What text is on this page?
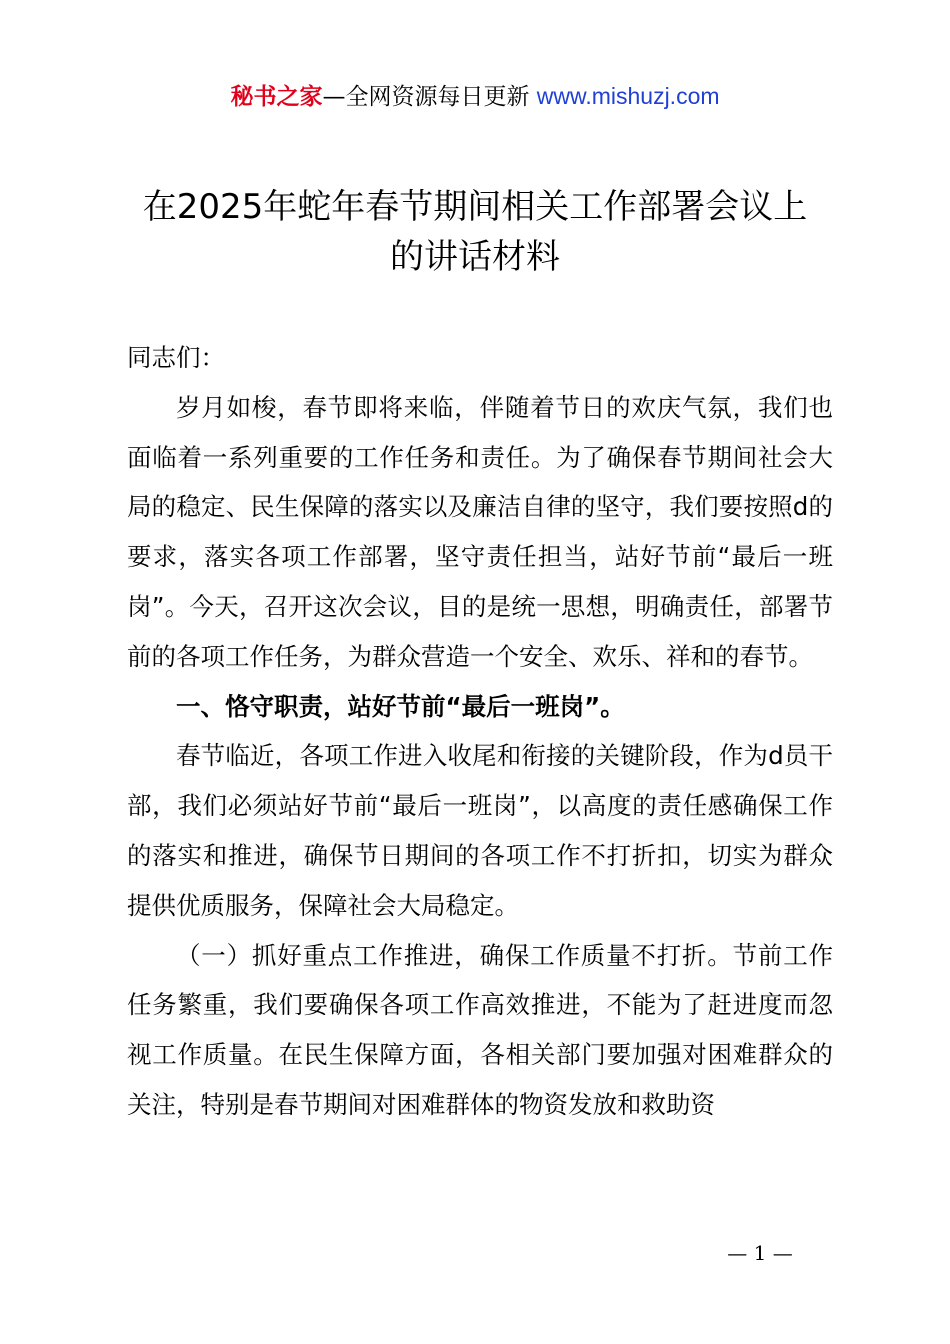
秘书之家—全网资源每日更新 www.mishuzj.com
在2025年蛇年春节期间相关工作部署会议上
的讲话材料

同志们：

岁月如梭，春节即将来临，伴随着节日的欢庆气氛，我们也面临着一系列重要的工作任务和责任。为了确保春节期间社会大局的稳定、民生保障的落实以及廉洁自律的坚守，我们要按照d的要求，落实各项工作部署，坚守责任担当，站好节前“最后一班岗”。今天，召开这次会议，目的是统一思想，明确责任，部署节前的各项工作任务，为群众营造一个安全、欢乐、祥和的春节。

一、恪守职责，站好节前“最后一班岗”。

春节临近，各项工作进入收尾和衔接的关键阶段，作为d员干部，我们必须站好节前“最后一班岗”，以高度的责任感确保工作的落实和推进，确保节日期间的各项工作不打折扣，切实为群众提供优质服务，保障社会大局稳定。

（一）抓好重点工作推进，确保工作质量不打折。节前工作任务繁重，我们要确保各项工作高效推进，不能为了赶进度而忽视工作质量。在民生保障方面，各相关部门要加强对困难群众的关注，特别是春节期间对困难群体的物资发放和救助资

— 1 —
